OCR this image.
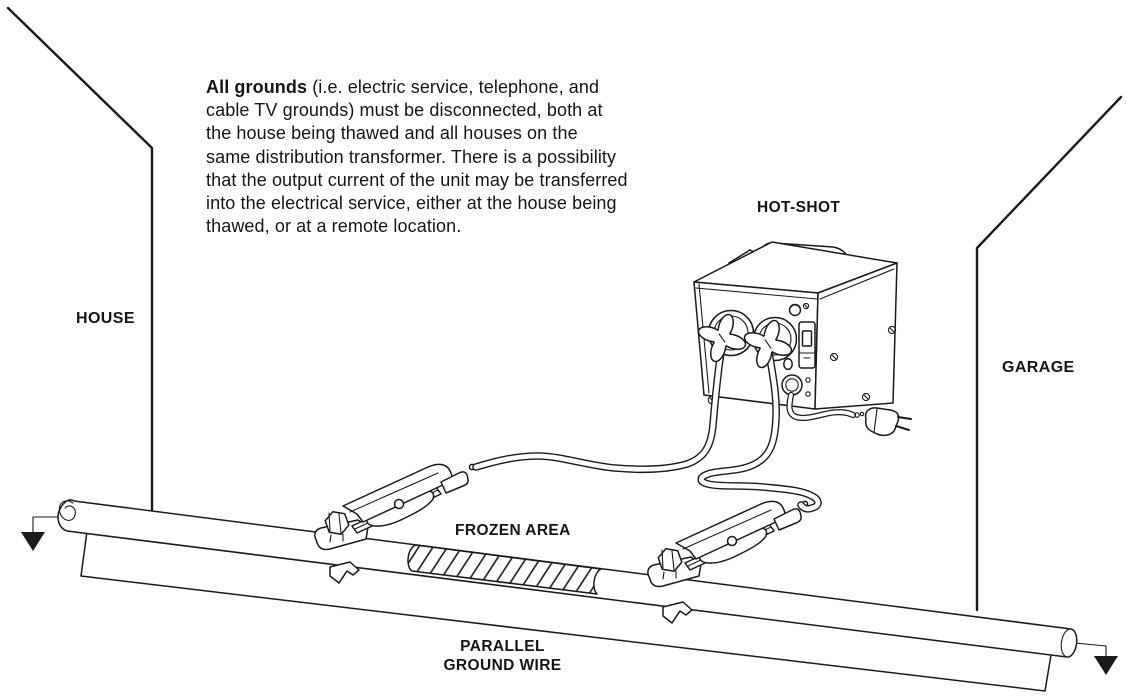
All grounds (i.e. electric service, telephone, and
cable TV grounds) must be disconnected, both at
the house being thawed and all houses on the
same distribution transformer. There is a possibility
that the output current of the unit may be transferred
into the electrical service, either at the house being
thawed, or at a remote location.
HOUSE
GARAGE
HOT-SHOT
FROZEN AREA
PARALLEL
GROUND WIRE
